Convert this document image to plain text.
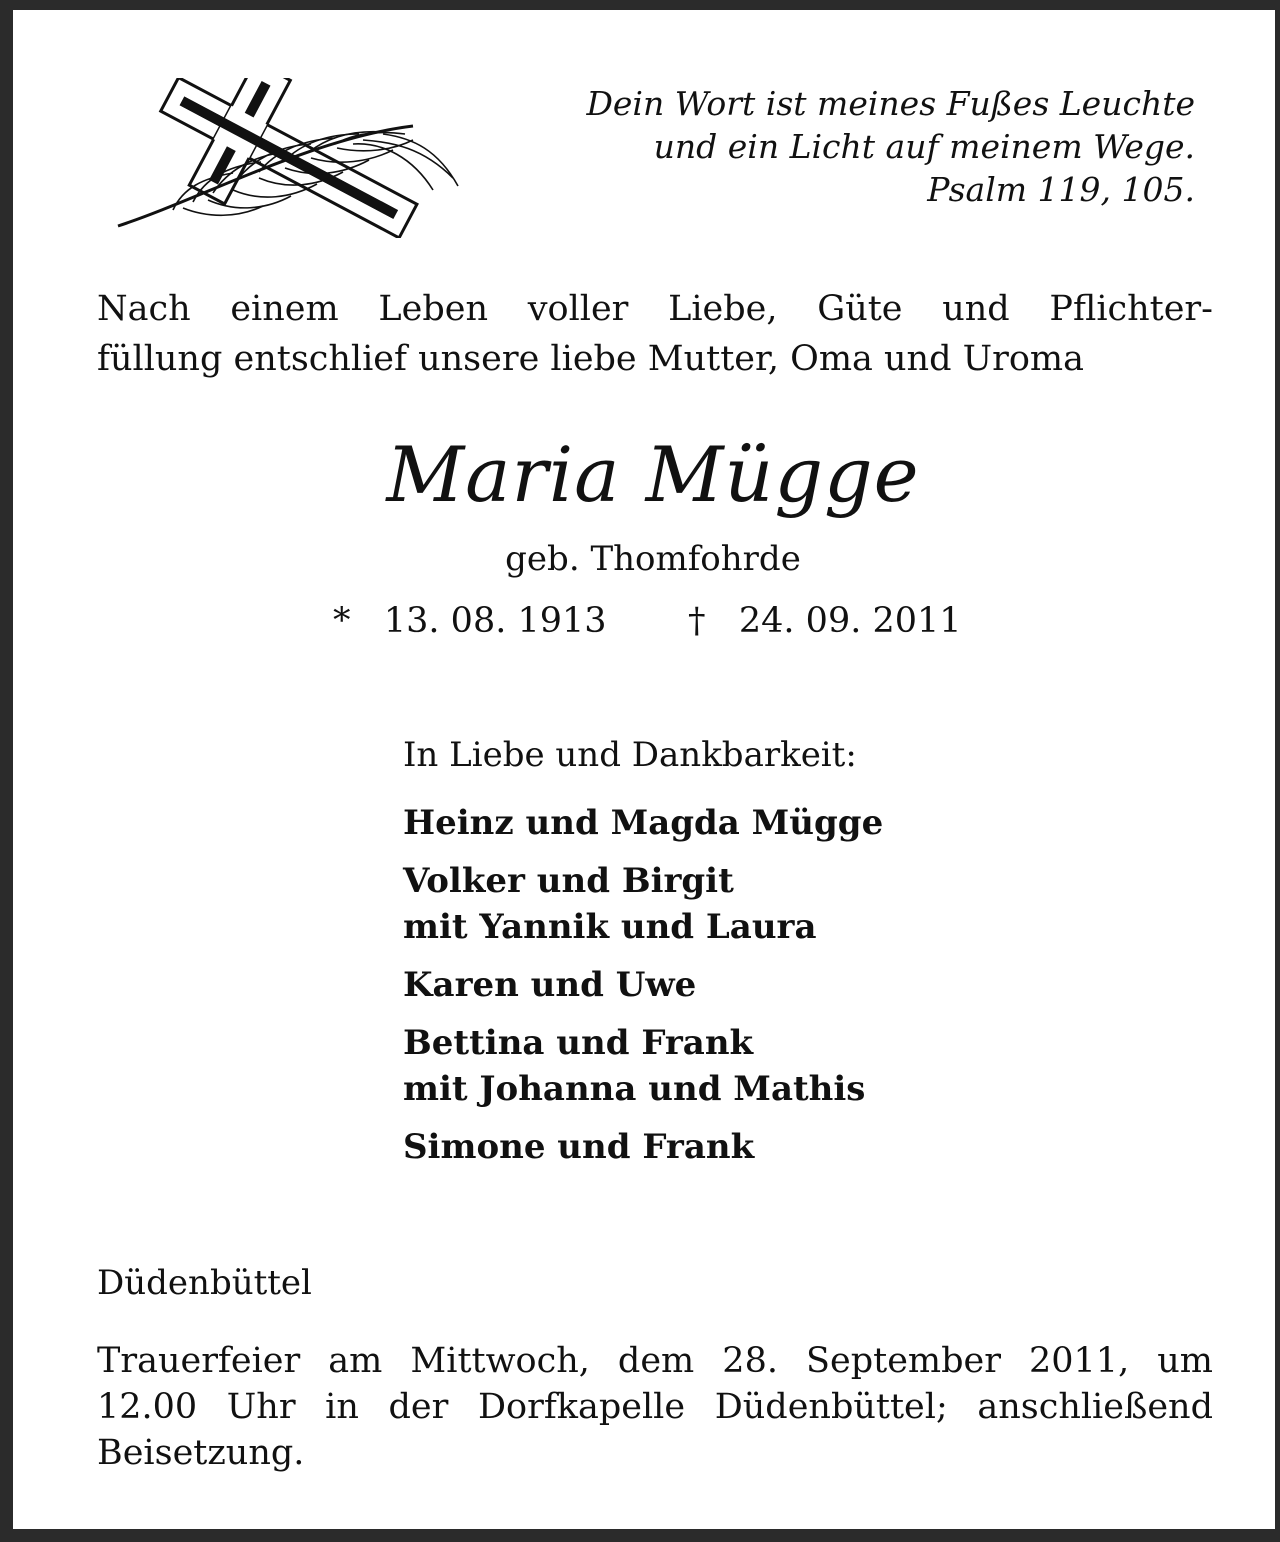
Dein Wort ist meines Fußes Leuchte
und ein Licht auf meinem Wege.
Psalm 119, 105.
Nach einem Leben voller Liebe, Güte und Pflichter-
füllung entschlief unsere liebe Mutter, Oma und Uroma
Maria Mügge
geb. Thomfohrde
* 13. 08. 1913 † 24. 09. 2011
In Liebe und Dankbarkeit:
Heinz und Magda Mügge
Volker und Birgit
mit Yannik und Laura
Karen und Uwe
Bettina und Frank
mit Johanna und Mathis
Simone und Frank
Düdenbüttel
Trauerfeier am Mittwoch, dem 28. September 2011, um
12.00 Uhr in der Dorfkapelle Düdenbüttel; anschließend
Beisetzung.
